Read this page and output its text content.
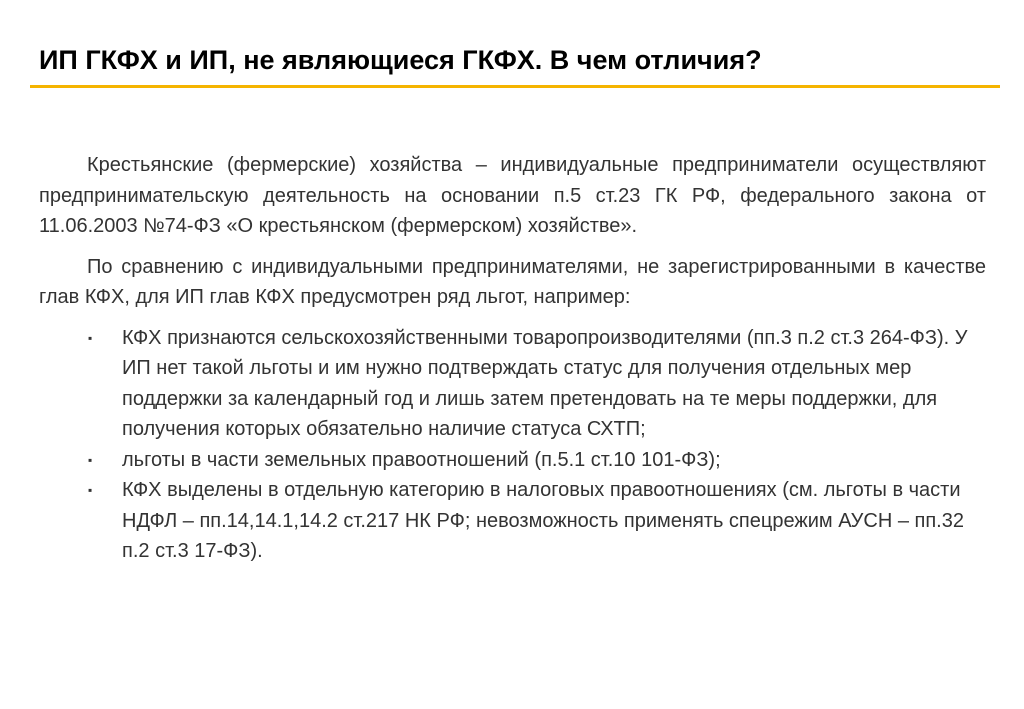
ИП ГКФХ и ИП, не являющиеся ГКФХ. В чем отличия?

Крестьянские (фермерские) хозяйства – индивидуальные предприниматели осуществляют предпринимательскую деятельность на основании п.5 ст.23 ГК РФ, федерального закона от 11.06.2003 №74-ФЗ «О крестьянском (фермерском) хозяйстве».

По сравнению с индивидуальными предпринимателями, не зарегистрированными в качестве глав КФХ, для ИП глав КФХ предусмотрен ряд льгот, например:

▪	КФХ признаются сельскохозяйственными товаропроизводителями (пп.3 п.2 ст.3 264-ФЗ). У ИП нет такой льготы и им нужно подтверждать статус для получения отдельных мер поддержки за календарный год и лишь затем претендовать на те меры поддержки, для получения которых обязательно наличие статуса СХТП;
▪	льготы в части земельных правоотношений (п.5.1 ст.10 101-ФЗ);
▪	КФХ выделены в отдельную категорию в налоговых правоотношениях (см. льготы в части НДФЛ – пп.14,14.1,14.2 ст.217 НК РФ; невозможность применять спецрежим АУСН – пп.32 п.2 ст.3 17-ФЗ).
